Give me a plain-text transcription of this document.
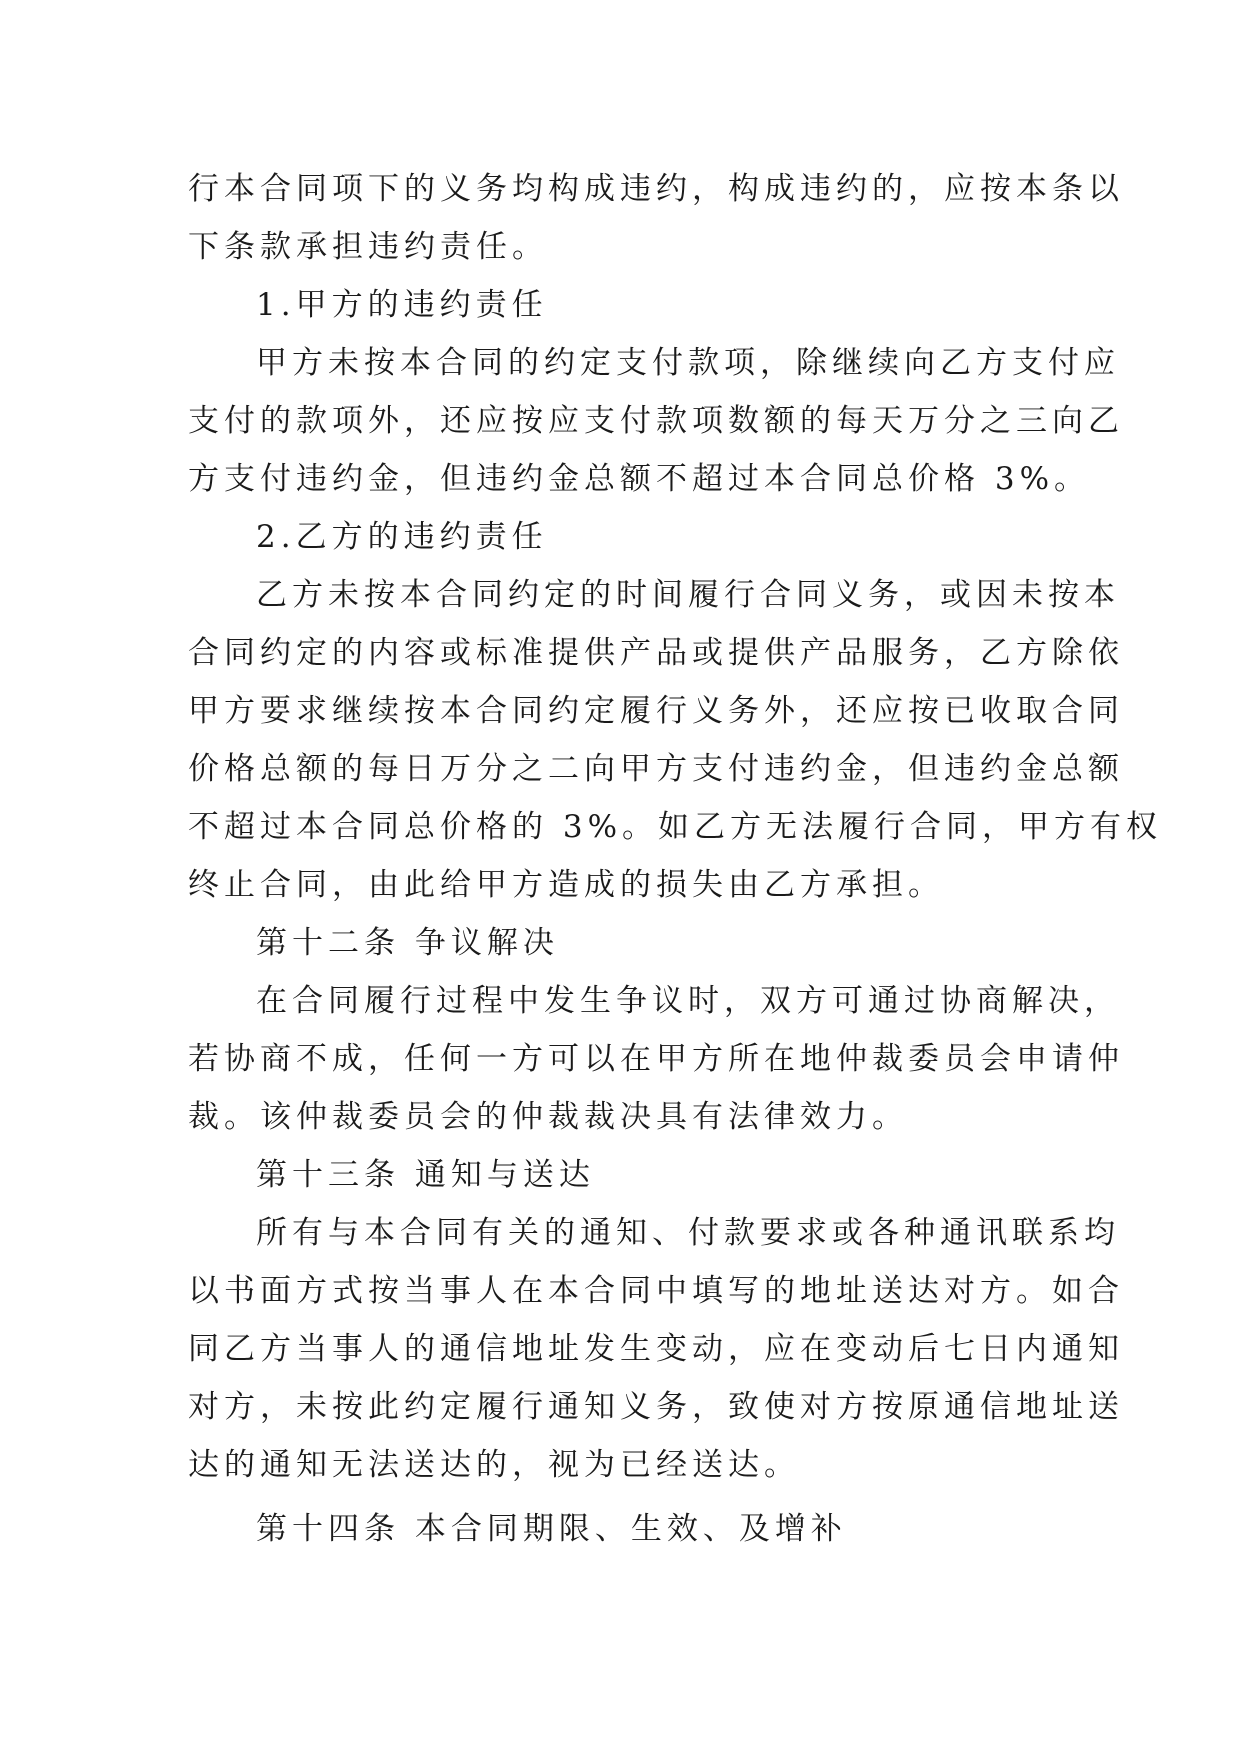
行本合同项下的义务均构成违约，构成违约的，应按本条以
下条款承担违约责任。
1.甲方的违约责任
甲方未按本合同的约定支付款项，除继续向乙方支付应
支付的款项外，还应按应支付款项数额的每天万分之三向乙
方支付违约金，但违约金总额不超过本合同总价格 3%。
2.乙方的违约责任
乙方未按本合同约定的时间履行合同义务，或因未按本
合同约定的内容或标准提供产品或提供产品服务，乙方除依
甲方要求继续按本合同约定履行义务外，还应按已收取合同
价格总额的每日万分之二向甲方支付违约金，但违约金总额
不超过本合同总价格的 3%。如乙方无法履行合同，甲方有权
终止合同，由此给甲方造成的损失由乙方承担。
第十二条 争议解决
在合同履行过程中发生争议时，双方可通过协商解决，
若协商不成，任何一方可以在甲方所在地仲裁委员会申请仲
裁。该仲裁委员会的仲裁裁决具有法律效力。
第十三条 通知与送达
所有与本合同有关的通知、付款要求或各种通讯联系均
以书面方式按当事人在本合同中填写的地址送达对方。如合
同乙方当事人的通信地址发生变动，应在变动后七日内通知
对方，未按此约定履行通知义务，致使对方按原通信地址送
达的通知无法送达的，视为已经送达。
第十四条 本合同期限、生效、及增补
